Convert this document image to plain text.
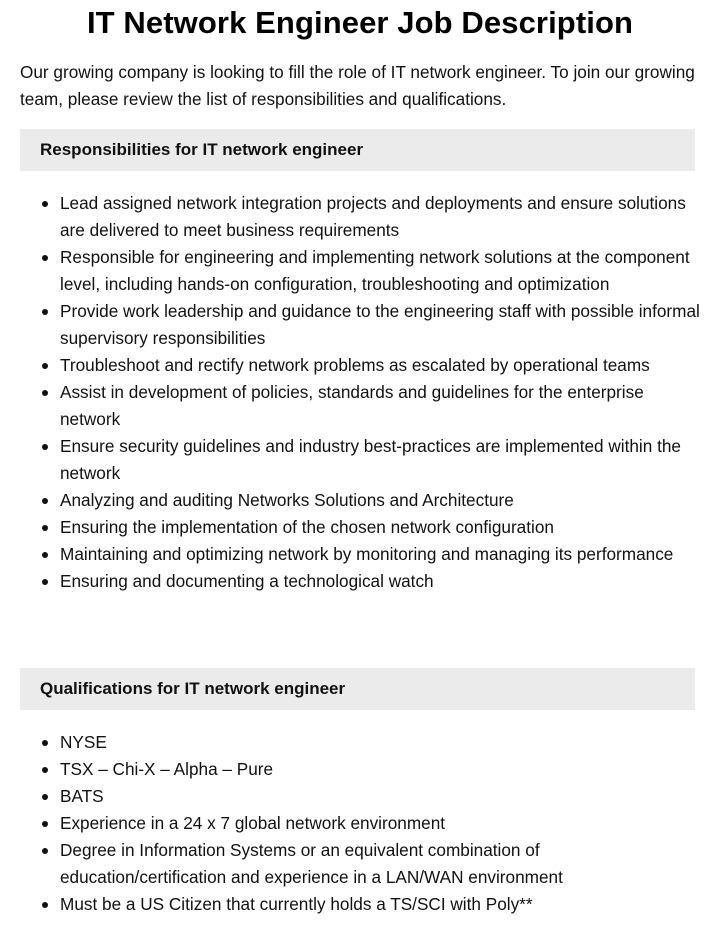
IT Network Engineer Job Description

Our growing company is looking to fill the role of IT network engineer. To join our growing team, please review the list of responsibilities and qualifications.

Responsibilities for IT network engineer
Lead assigned network integration projects and deployments and ensure solutions are delivered to meet business requirements
Responsible for engineering and implementing network solutions at the component level, including hands-on configuration, troubleshooting and optimization
Provide work leadership and guidance to the engineering staff with possible informal supervisory responsibilities
Troubleshoot and rectify network problems as escalated by operational teams
Assist in development of policies, standards and guidelines for the enterprise network
Ensure security guidelines and industry best-practices are implemented within the network
Analyzing and auditing Networks Solutions and Architecture
Ensuring the implementation of the chosen network configuration
Maintaining and optimizing network by monitoring and managing its performance
Ensuring and documenting a technological watch
Qualifications for IT network engineer
NYSE
TSX – Chi-X – Alpha – Pure
BATS
Experience in a 24 x 7 global network environment
Degree in Information Systems or an equivalent combination of education/certification and experience in a LAN/WAN environment
Must be a US Citizen that currently holds a TS/SCI with Poly**
